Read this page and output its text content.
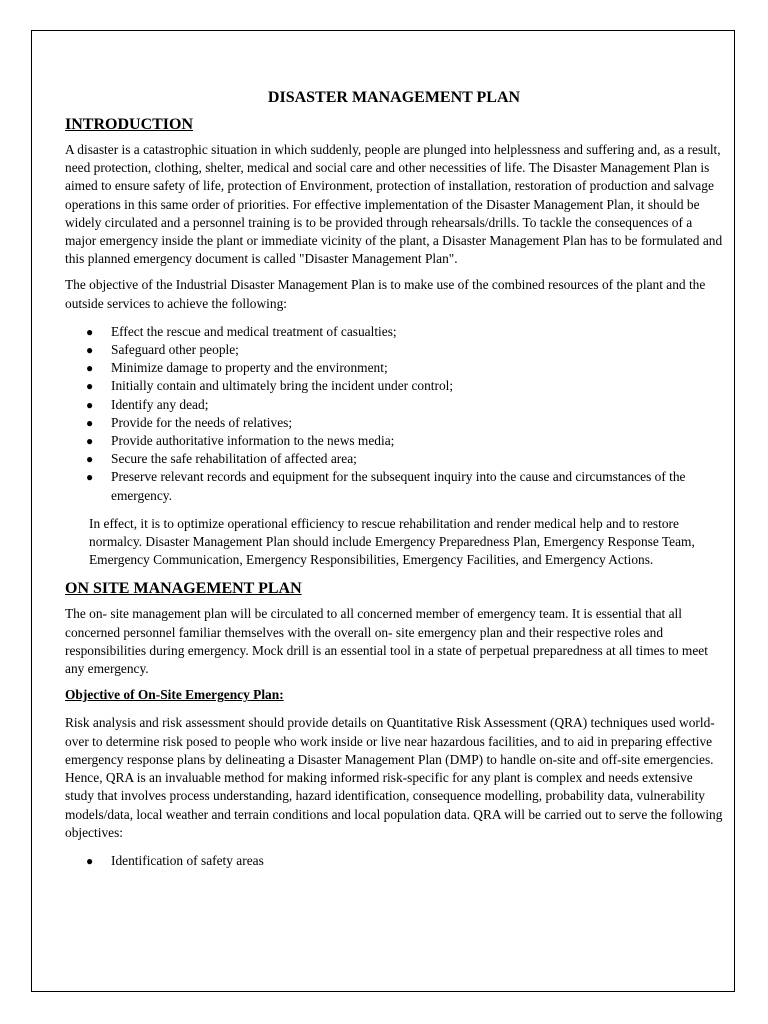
DISASTER MANAGEMENT PLAN
INTRODUCTION

A disaster is a catastrophic situation in which suddenly, people are plunged into helplessness and suffering and, as a result, need protection, clothing, shelter, medical and social care and other necessities of life. The Disaster Management Plan is aimed to ensure safety of life, protection of Environment, protection of installation, restoration of production and salvage operations in this same order of priorities. For effective implementation of the Disaster Management Plan, it should be widely circulated and a personnel training is to be provided through rehearsals/drills. To tackle the consequences of a major emergency inside the plant or immediate vicinity of the plant, a Disaster Management Plan has to be formulated and this planned emergency document is called "Disaster Management Plan".

The objective of the Industrial Disaster Management Plan is to make use of the combined resources of the plant and the outside services to achieve the following:

● Effect the rescue and medical treatment of casualties;
● Safeguard other people;
● Minimize damage to property and the environment;
● Initially contain and ultimately bring the incident under control;
● Identify any dead;
● Provide for the needs of relatives;
● Provide authoritative information to the news media;
● Secure the safe rehabilitation of affected area;
● Preserve relevant records and equipment for the subsequent inquiry into the cause and circumstances of the emergency.

In effect, it is to optimize operational efficiency to rescue rehabilitation and render medical help and to restore normalcy. Disaster Management Plan should include Emergency Preparedness Plan, Emergency Response Team, Emergency Communication, Emergency Responsibilities, Emergency Facilities, and Emergency Actions.

ON SITE MANAGEMENT PLAN

The on- site management plan will be circulated to all concerned member of emergency team. It is essential that all concerned personnel familiar themselves with the overall on- site emergency plan and their respective roles and responsibilities during emergency. Mock drill is an essential tool in a state of perpetual preparedness at all times to meet any emergency.

Objective of On-Site Emergency Plan:

Risk analysis and risk assessment should provide details on Quantitative Risk Assessment (QRA) techniques used world-over to determine risk posed to people who work inside or live near hazardous facilities, and to aid in preparing effective emergency response plans by delineating a Disaster Management Plan (DMP) to handle on-site and off-site emergencies. Hence, QRA is an invaluable method for making informed risk-specific for any plant is complex and needs extensive study that involves process understanding, hazard identification, consequence modelling, probability data, vulnerability models/data, local weather and terrain conditions and local population data. QRA will be carried out to serve the following objectives:

● Identification of safety areas
